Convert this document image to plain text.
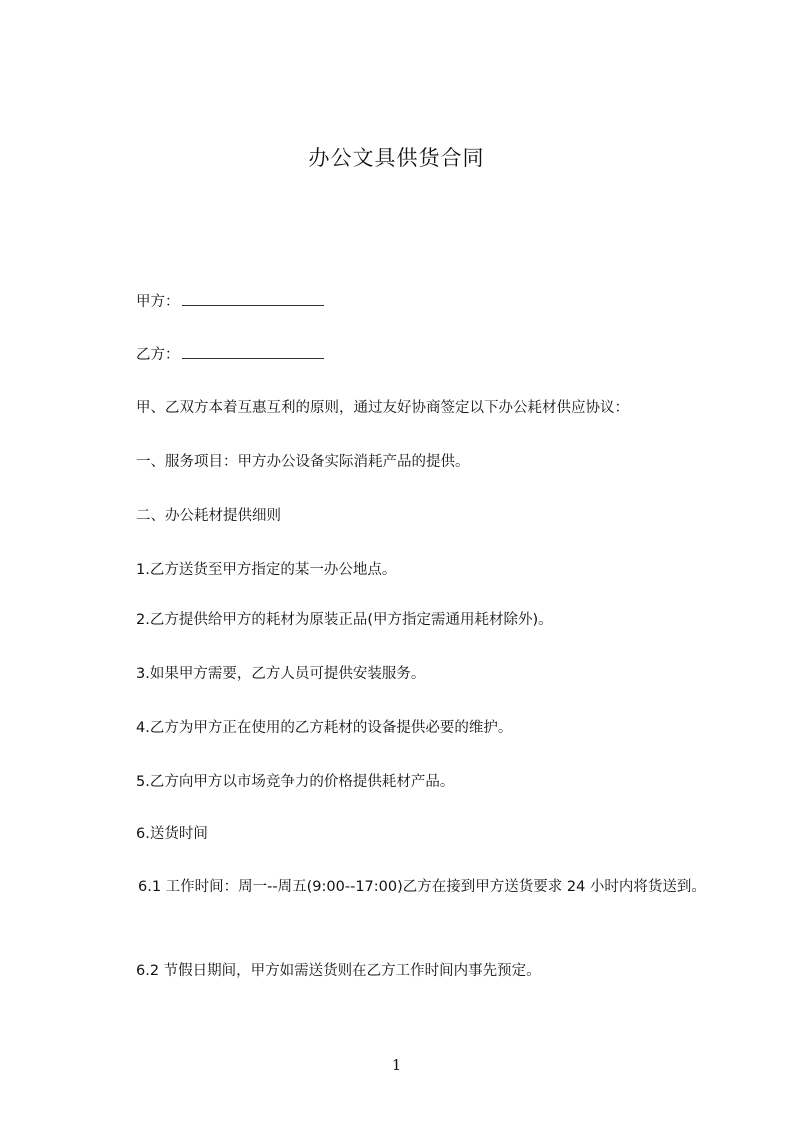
办公文具供货合同
甲方：
乙方：
甲、乙双方本着互惠互利的原则，通过友好协商签定以下办公耗材供应协议：
一、服务项目：甲方办公设备实际消耗产品的提供。
二、办公耗材提供细则
1.乙方送货至甲方指定的某一办公地点。
2.乙方提供给甲方的耗材为原装正品(甲方指定需通用耗材除外)。
3.如果甲方需要，乙方人员可提供安装服务。
4.乙方为甲方正在使用的乙方耗材的设备提供必要的维护。
5.乙方向甲方以市场竞争力的价格提供耗材产品。
6.送货时间
6.1 工作时间：周一--周五(9:00--17:00)乙方在接到甲方送货要求 24 小时内将货送到。
6.2 节假日期间，甲方如需送货则在乙方工作时间内事先预定。
1
